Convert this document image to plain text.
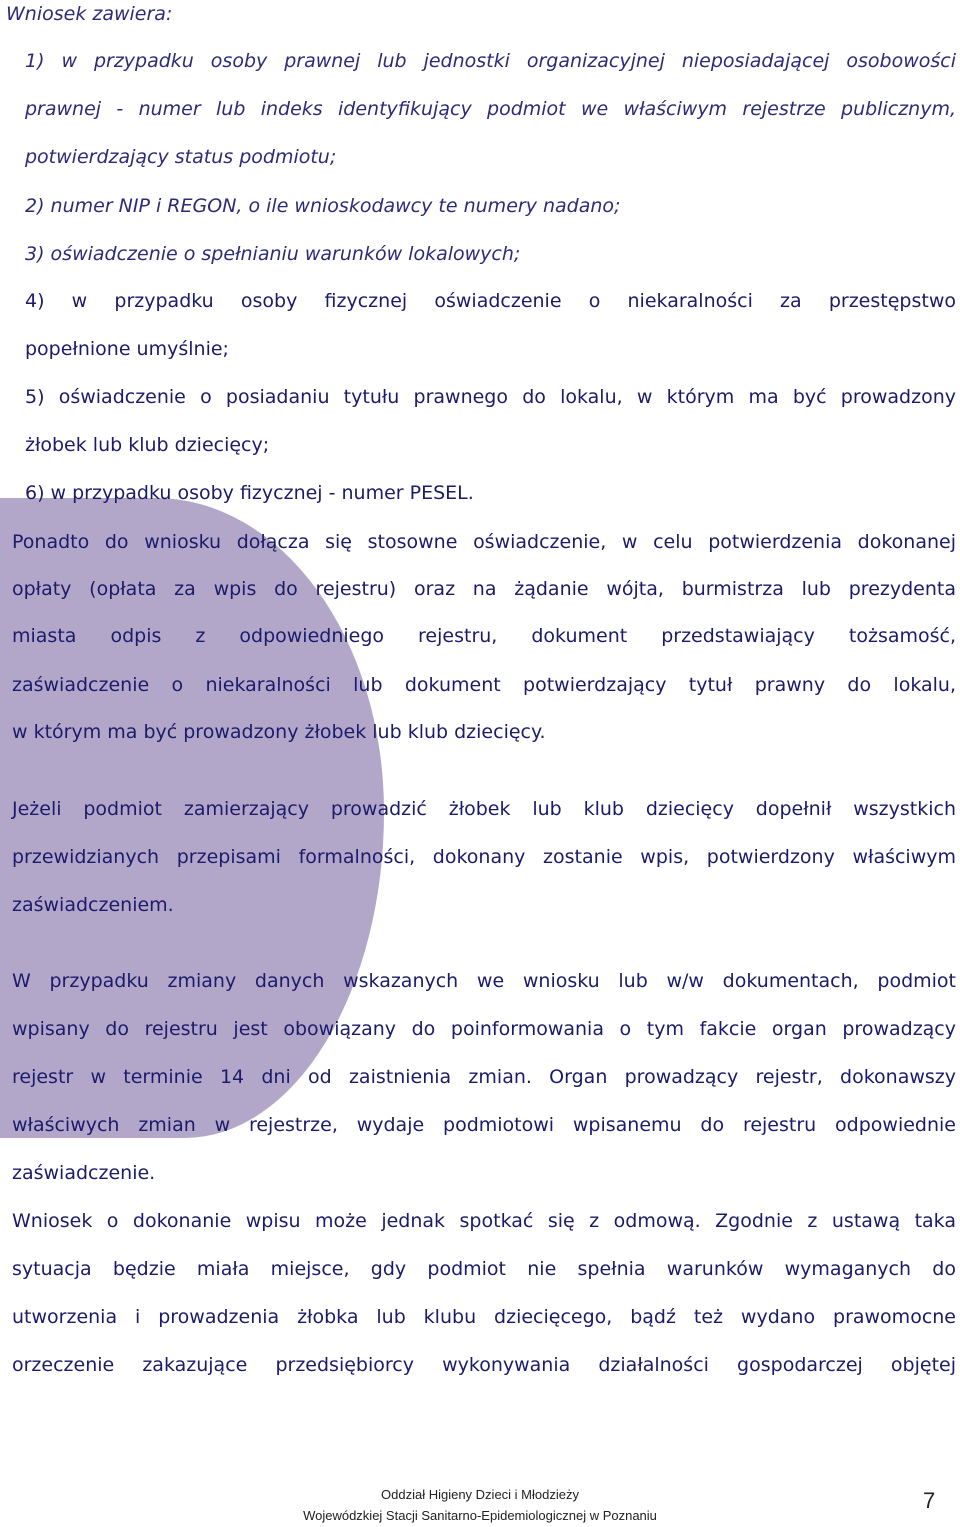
Wniosek zawiera:
1) w przypadku osoby prawnej lub jednostki organizacyjnej nieposiadającej osobowości
prawnej - numer lub indeks identyfikujący podmiot we właściwym rejestrze publicznym,
potwierdzający status podmiotu;
2) numer NIP i REGON, o ile wnioskodawcy te numery nadano;
3) oświadczenie o spełnianiu warunków lokalowych;
4) w przypadku osoby fizycznej oświadczenie o niekaralności za przestępstwo
popełnione umyślnie;
5) oświadczenie o posiadaniu tytułu prawnego do lokalu, w którym ma być prowadzony
żłobek lub klub dziecięcy;
6) w przypadku osoby fizycznej - numer PESEL.
Ponadto do wniosku dołącza się stosowne oświadczenie, w celu potwierdzenia dokonanej
opłaty (opłata za wpis do rejestru) oraz na żądanie wójta, burmistrza lub prezydenta
miasta odpis z odpowiedniego rejestru, dokument przedstawiający tożsamość,
zaświadczenie o niekaralności lub dokument potwierdzający tytuł prawny do lokalu,
w którym ma być prowadzony żłobek lub klub dziecięcy.
Jeżeli podmiot zamierzający prowadzić żłobek lub klub dziecięcy dopełnił wszystkich
przewidzianych przepisami formalności, dokonany zostanie wpis, potwierdzony właściwym
zaświadczeniem.
W przypadku zmiany danych wskazanych we wniosku lub w/w dokumentach, podmiot
wpisany do rejestru jest obowiązany do poinformowania o tym fakcie organ prowadzący
rejestr w terminie 14 dni od zaistnienia zmian. Organ prowadzący rejestr, dokonawszy
właściwych zmian w rejestrze, wydaje podmiotowi wpisanemu do rejestru odpowiednie
zaświadczenie.
Wniosek o dokonanie wpisu może jednak spotkać się z odmową. Zgodnie z ustawą taka
sytuacja będzie miała miejsce, gdy podmiot nie spełnia warunków wymaganych do
utworzenia i prowadzenia żłobka lub klubu dziecięcego, bądź też wydano prawomocne
orzeczenie zakazujące przedsiębiorcy wykonywania działalności gospodarczej objętej
Oddział Higieny Dzieci i Młodzieży
Wojewódzkiej Stacji Sanitarno-Epidemiologicznej w Poznaniu
7
